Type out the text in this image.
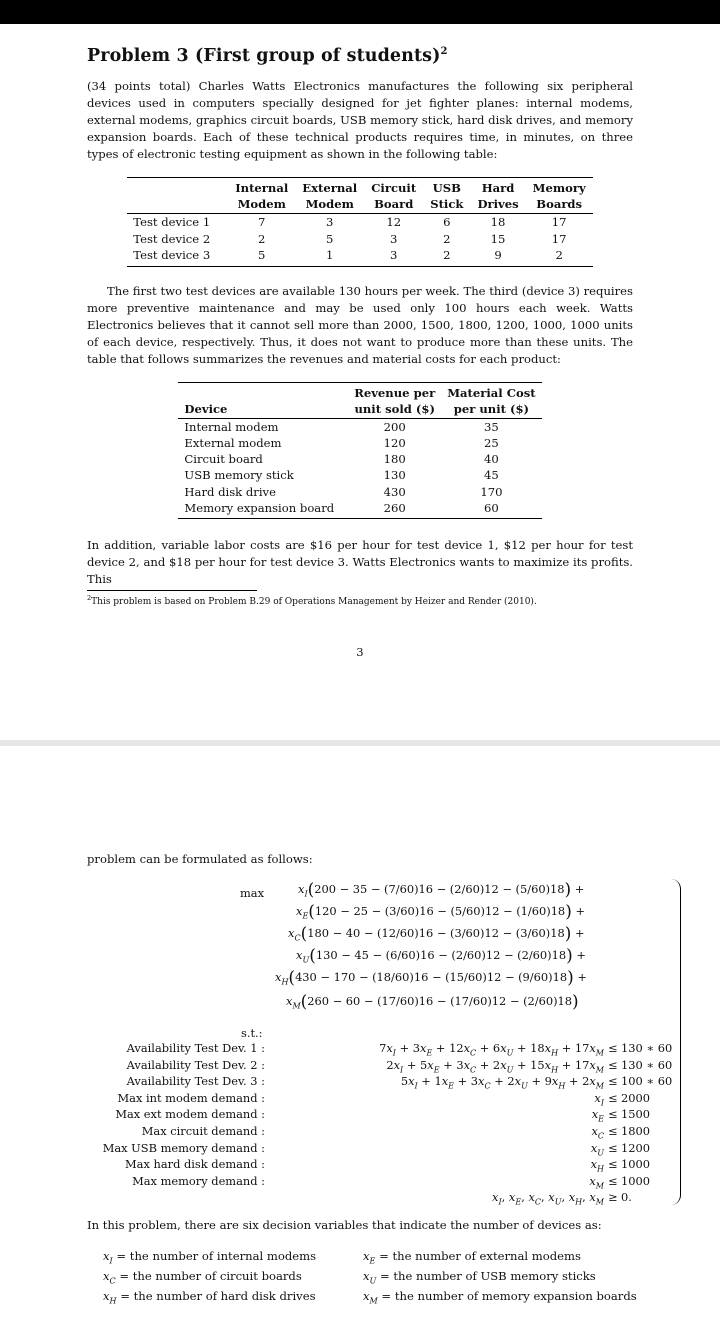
Problem 3 (First group of students)$^2$

(34 points total) Charles Watts Electronics manufactures the following six peripheral devices used in computers specially designed for jet fighter planes: internal modems, external modems, graphics circuit boards, USB memory stick, hard disk drives, and memory expansion boards. Each of these technical products requires time, in minutes, on three types of electronic testing equipment as shown in the following table:

	Internal	External	Circuit	USB	Hard	Memory
	Modem	Modem	Board	Stick	Drives	Boards
Test device 1	7	3	12	6	18	17
Test device 2	2	5	3	2	15	17
Test device 3	5	1	3	2	9	2

The first two test devices are available 130 hours per week. The third (device 3) requires more preventive maintenance and may be used only 100 hours each week. Watts Electronics believes that it cannot sell more than 2000, 1500, 1800, 1200, 1000, 1000 units of each device, respectively. Thus, it does not want to produce more than these units. The table that follows summarizes the revenues and material costs for each product:

	Revenue per	Material Cost
Device	unit sold ($)	per unit ($)
Internal modem	200	35
External modem	120	25
Circuit board	180	40
USB memory stick	130	45
Hard disk drive	430	170
Memory expansion board	260	60

In addition, variable labor costs are $16 per hour for test device 1, $12 per hour for test device 2, and $18 per hour for test device 3. Watts Electronics wants to maximize its profits. This

$^2$This problem is based on Problem B.29 of Operations Management by Heizer and Render (2010).

3
problem can be formulated as follows:
max	$x_I(200 - 35 - (7/60)16 - (2/60)12 - (5/60)18)$ +
$x_E(120 - 25 - (3/60)16 - (5/60)12 - (1/60)18)$ +
$x_C(180 - 40 - (12/60)16 - (3/60)12 - (3/60)18)$ +
$x_U(130 - 45 - (6/60)16 - (2/60)12 - (2/60)18)$ +
$x_H(430 - 170 - (18/60)16 - (15/60)12 - (9/60)18)$ +
$x_M(260 - 60 - (17/60)16 - (17/60)12 - (2/60)18)$
s.t.:
Availability Test Dev. 1 :	$7x_I + 3x_E + 12x_C + 6x_U + 18x_H + 17x_M \le 130$ ∗ 60
Availability Test Dev. 2 :	$2x_I + 5x_E + 3x_C + 2x_U + 15x_H + 17x_M \le 130$ ∗ 60
Availability Test Dev. 3 :	$5x_I + 1x_E + 3x_C + 2x_U + 9x_H + 2x_M \le 100$ ∗ 60
Max int modem demand :	$x_I \le 2000$
Max ext modem demand :	$x_E \le 1500$
Max circuit demand :	$x_C \le 1800$
Max USB memory demand :	$x_U \le 1200$
Max hard disk demand :	$x_H \le 1000$
Max memory demand :	$x_M \le 1000$
$x_I$, $x_E$, $x_C$, $x_U$, $x_H$, $x_M \ge 0$.
In this problem, there are six decision variables that indicate the number of devices as:
$x_I$ = the number of internal modems	$x_E$ = the number of external modems
$x_C$ = the number of circuit boards	$x_U$ = the number of USB memory sticks
$x_H$ = the number of hard disk drives	$x_M$ = the number of memory expansion boards
